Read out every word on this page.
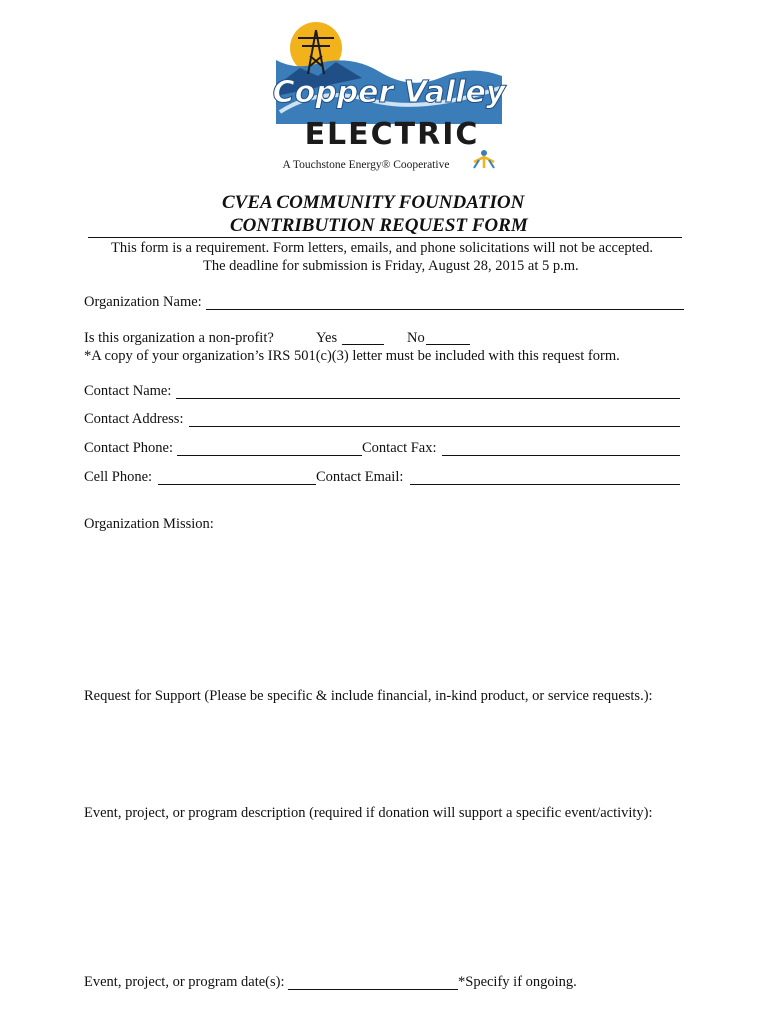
Copper Valley
ELECTRIC
A Touchstone Energy® Cooperative
CVEA COMMUNITY FOUNDATION
CONTRIBUTION REQUEST FORM
This form is a requirement. Form letters, emails, and phone solicitations will not be accepted.
The deadline for submission is Friday, August 28, 2015 at 5 p.m.
Organization Name:
Is this organization a non-profit?	Yes	No
*A copy of your organization’s IRS 501(c)(3) letter must be included with this request form.
Contact Name:
Contact Address:
Contact Phone:	Contact Fax:
Cell Phone:	Contact Email:
Organization Mission:
Request for Support (Please be specific & include financial, in-kind product, or service requests.):
Event, project, or program description (required if donation will support a specific event/activity):
Event, project, or program date(s):	*Specify if ongoing.
